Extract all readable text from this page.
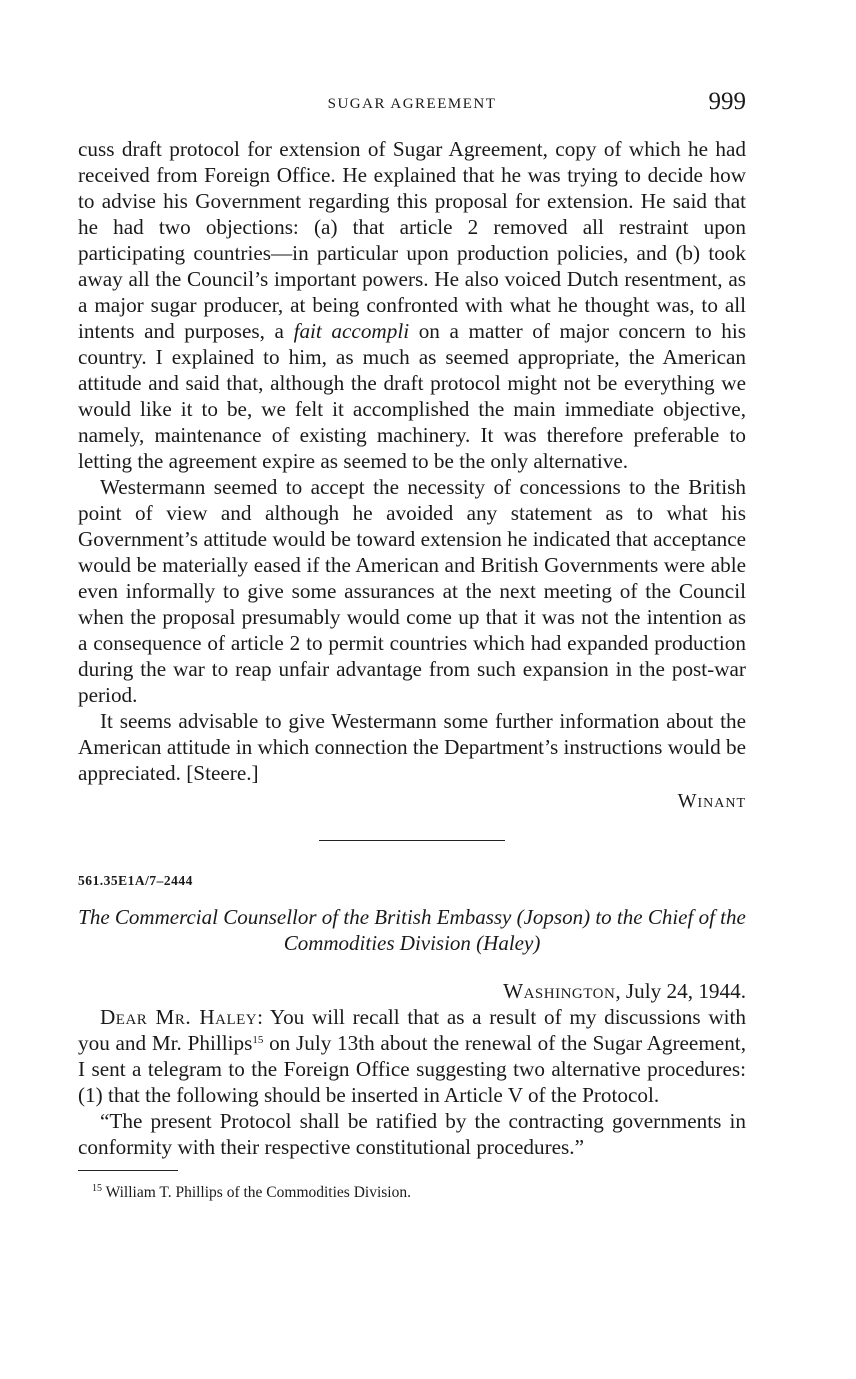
SUGAR AGREEMENT	999

cuss draft protocol for extension of Sugar Agreement, copy of which he had received from Foreign Office. He explained that he was trying to decide how to advise his Government regarding this proposal for extension. He said that he had two objections: (a) that article 2 removed all restraint upon participating countries—in particular upon production policies, and (b) took away all the Council’s important powers. He also voiced Dutch resentment, as a major sugar producer, at being confronted with what he thought was, to all intents and purposes, a fait accompli on a matter of major concern to his country. I explained to him, as much as seemed appropriate, the American attitude and said that, although the draft protocol might not be everything we would like it to be, we felt it accomplished the main immediate objective, namely, maintenance of existing machinery. It was therefore preferable to letting the agreement expire as seemed to be the only alternative.

Westermann seemed to accept the necessity of concessions to the British point of view and although he avoided any statement as to what his Government’s attitude would be toward extension he indicated that acceptance would be materially eased if the American and British Governments were able even informally to give some assurances at the next meeting of the Council when the proposal presumably would come up that it was not the intention as a consequence of article 2 to permit countries which had expanded production during the war to reap unfair advantage from such expansion in the post-war period.

It seems advisable to give Westermann some further information about the American attitude in which connection the Department’s instructions would be appreciated. [Steere.]

Winant
561.35E1A/7–2444
The Commercial Counsellor of the British Embassy (Jopson) to the Chief of the Commodities Division (Haley)
Washington, July 24, 1944.

Dear Mr. Haley: You will recall that as a result of my discussions with you and Mr. Phillips$^{15}$ on July 13th about the renewal of the Sugar Agreement, I sent a telegram to the Foreign Office suggesting two alternative procedures: (1) that the following should be inserted in Article V of the Protocol.

“The present Protocol shall be ratified by the contracting governments in conformity with their respective constitutional procedures.”

$^{15}$ William T. Phillips of the Commodities Division.
